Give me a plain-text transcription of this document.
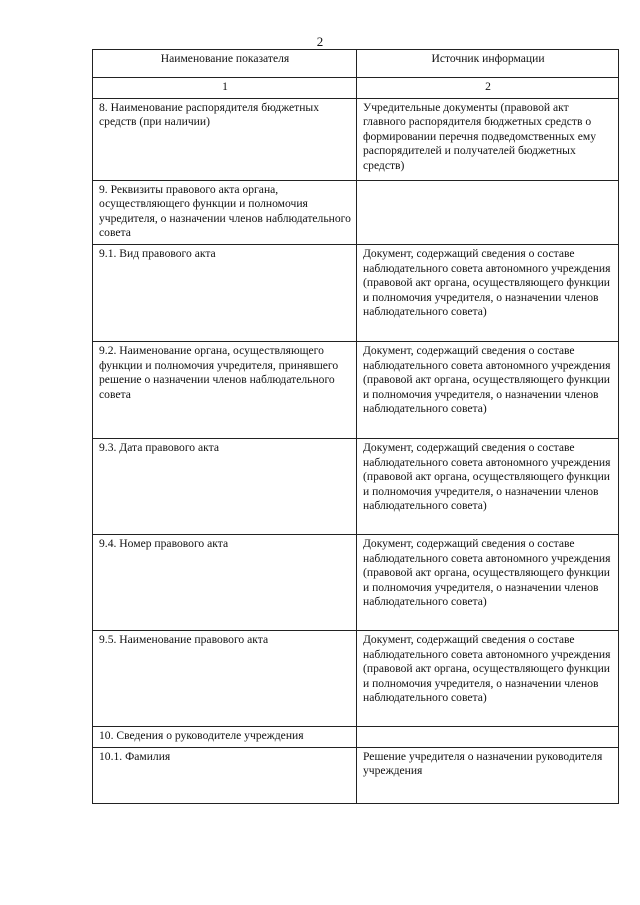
2
Наименование показателя	Источник информации
1	2
8. Наименование распорядителя бюджетных средств (при наличии)	Учредительные документы (правовой акт главного распорядителя бюджетных средств о формировании перечня подведомственных ему распорядителей и получателей бюджетных средств)
9. Реквизиты правового акта органа, осуществляющего функции и полномочия учредителя, о назначении членов наблюдательного совета	
9.1. Вид правового акта	Документ, содержащий сведения о составе наблюдательного совета автономного учреждения (правовой акт органа, осуществляющего функции и полномочия учредителя, о назначении членов наблюдательного совета)
9.2. Наименование органа, осуществляющего функции и полномочия учредителя, принявшего решение о назначении членов наблюдательного совета	Документ, содержащий сведения о составе наблюдательного совета автономного учреждения (правовой акт органа, осуществляющего функции и полномочия учредителя, о назначении членов наблюдательного совета)
9.3. Дата правового акта	Документ, содержащий сведения о составе наблюдательного совета автономного учреждения (правовой акт органа, осуществляющего функции и полномочия учредителя, о назначении членов наблюдательного совета)
9.4. Номер правового акта	Документ, содержащий сведения о составе наблюдательного совета автономного учреждения (правовой акт органа, осуществляющего функции и полномочия учредителя, о назначении членов наблюдательного совета)
9.5. Наименование правового акта	Документ, содержащий сведения о составе наблюдательного совета автономного учреждения (правовой акт органа, осуществляющего функции и полномочия учредителя, о назначении членов наблюдательного совета)
10. Сведения о руководителе учреждения	
10.1. Фамилия	Решение учредителя о назначении руководителя учреждения
